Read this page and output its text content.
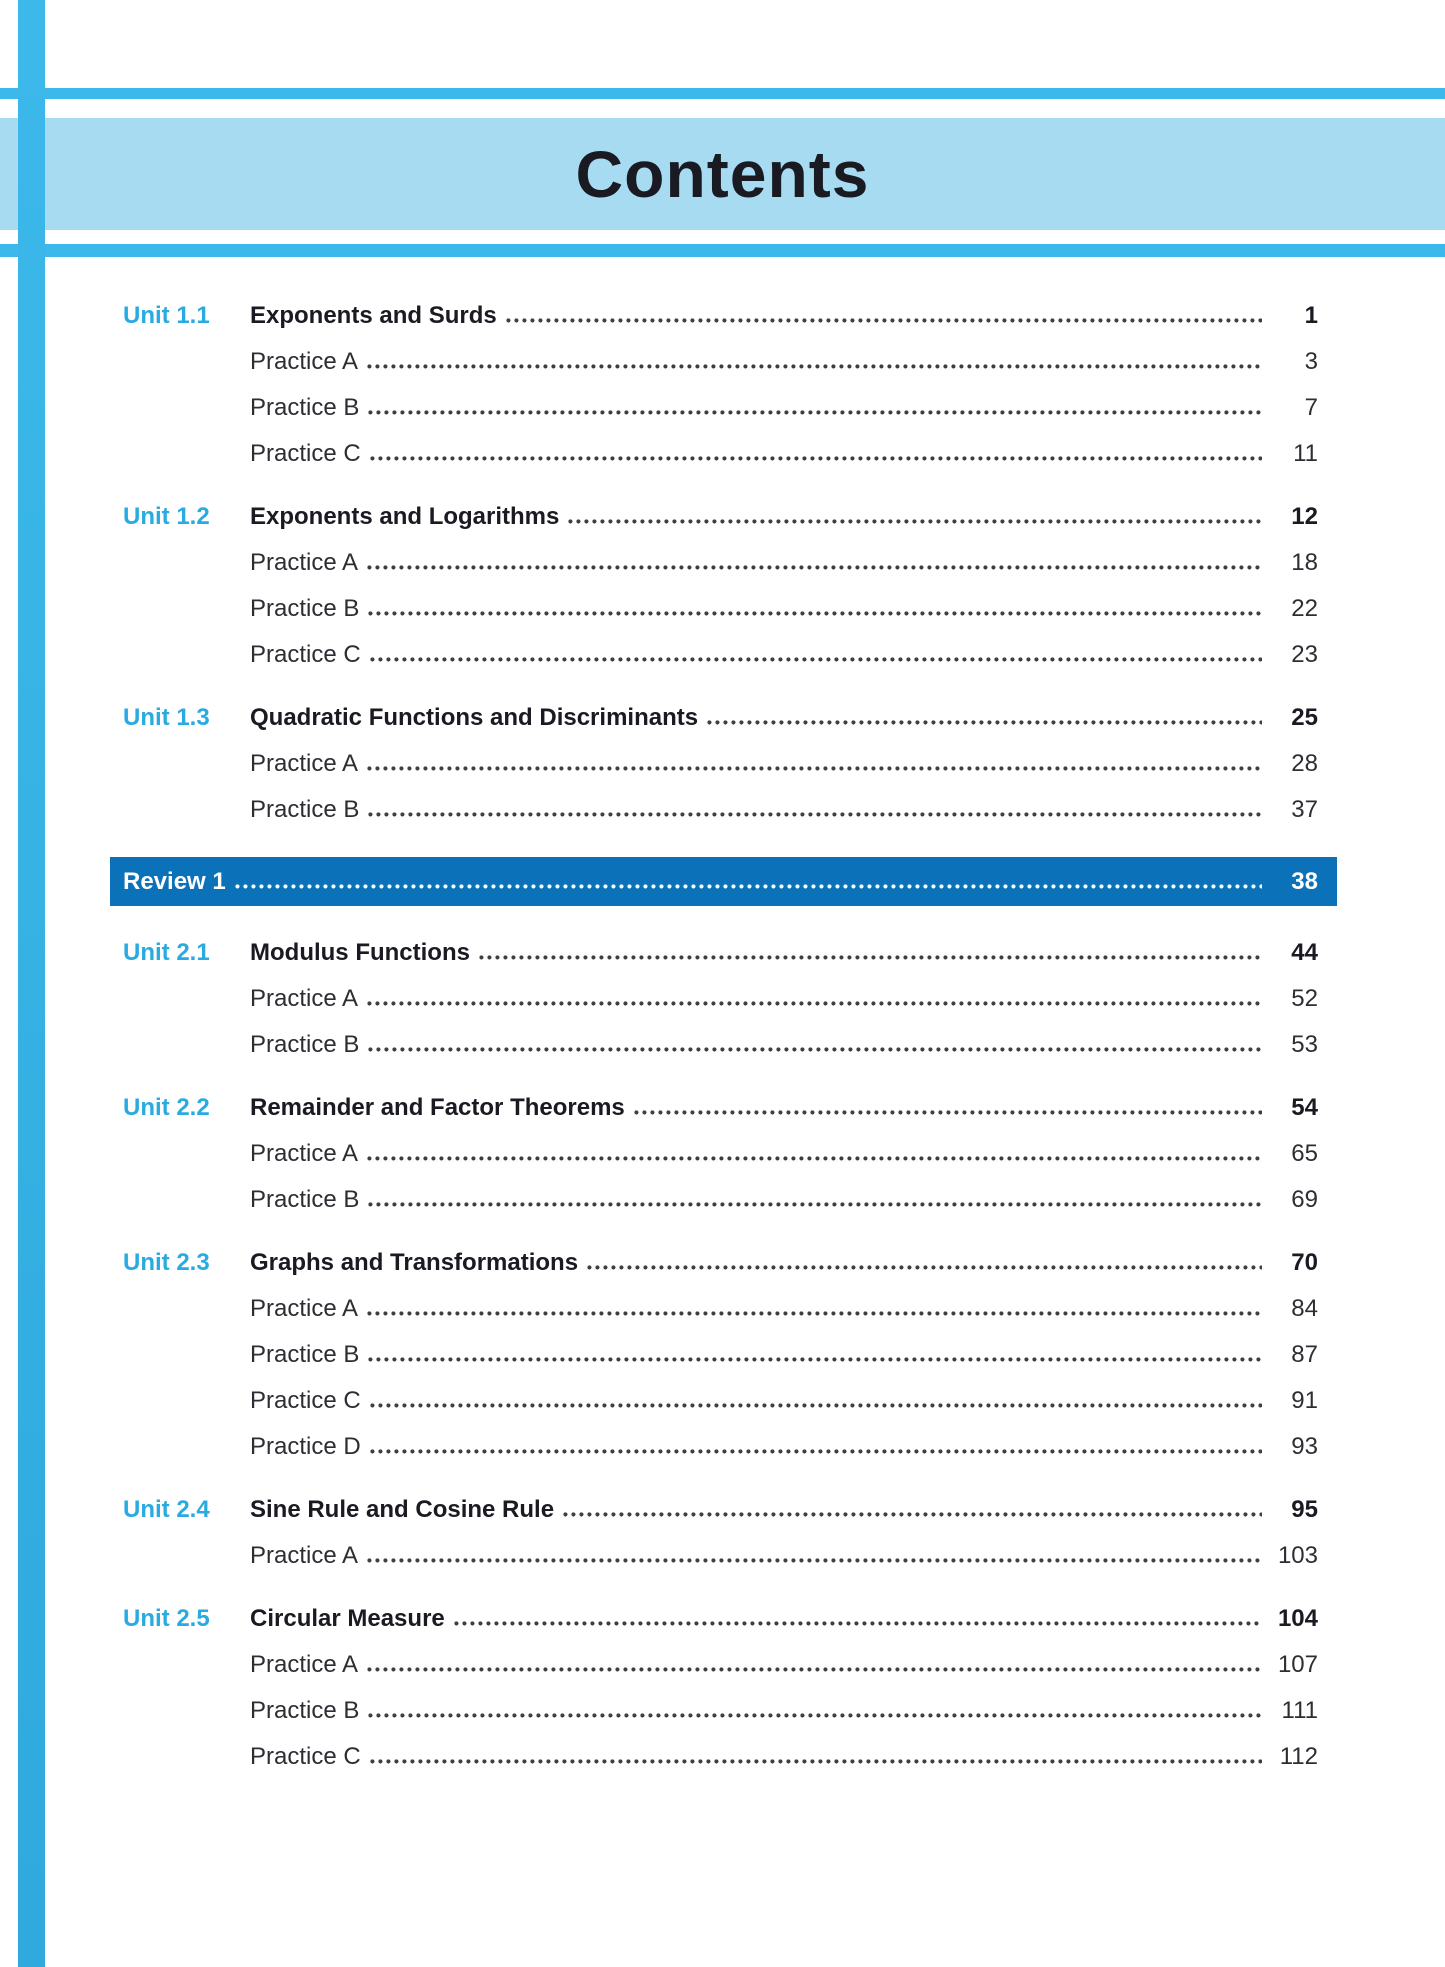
Contents
Unit 1.1	Exponents and Surds	1
Practice A	3
Practice B	7
Practice C	11
Unit 1.2	Exponents and Logarithms	12
Practice A	18
Practice B	22
Practice C	23
Unit 1.3	Quadratic Functions and Discriminants	25
Practice A	28
Practice B	37
Review 1	38
Unit 2.1	Modulus Functions	44
Practice A	52
Practice B	53
Unit 2.2	Remainder and Factor Theorems	54
Practice A	65
Practice B	69
Unit 2.3	Graphs and Transformations	70
Practice A	84
Practice B	87
Practice C	91
Practice D	93
Unit 2.4	Sine Rule and Cosine Rule	95
Practice A	103
Unit 2.5	Circular Measure	104
Practice A	107
Practice B	111
Practice C	112
